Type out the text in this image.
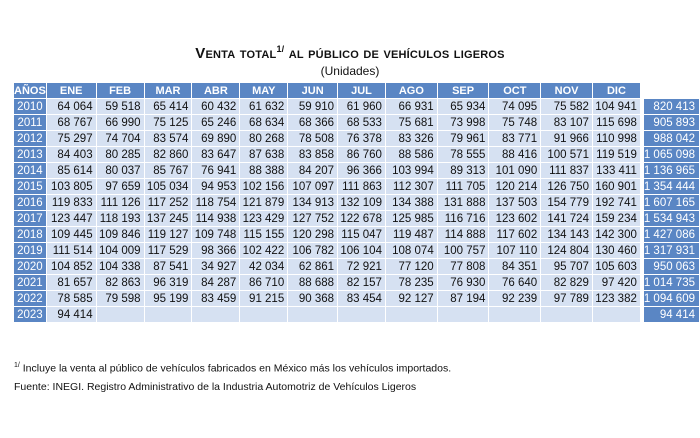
Venta total$^{1/}$ al público de vehículos ligeros
(Unidades)
AÑOS	ENE	FEB	MAR	ABR	MAY	JUN	JUL	AGO	SEP	OCT	NOV	DIC		
2010	64 064	59 518	65 414	60 432	61 632	59 910	61 960	66 931	65 934	74 095	75 582	104 941		820 413
2011	68 767	66 990	75 125	65 246	68 634	68 366	68 533	75 681	73 998	75 748	83 107	115 698		905 893
2012	75 297	74 704	83 574	69 890	80 268	78 508	76 378	83 326	79 961	83 771	91 966	110 998		988 042
2013	84 403	80 285	82 860	83 647	87 638	83 858	86 760	88 586	78 555	88 416	100 571	119 519		1 065 098
2014	85 614	80 037	85 767	76 941	88 388	84 207	96 366	103 994	89 313	101 090	111 837	133 411		1 136 965
2015	103 805	97 659	105 034	94 953	102 156	107 097	111 863	112 307	111 705	120 214	126 750	160 901		1 354 444
2016	119 833	111 126	117 252	118 754	121 879	134 913	132 109	134 388	131 888	137 503	154 779	192 741		1 607 165
2017	123 447	118 193	137 245	114 938	123 429	127 752	122 678	125 985	116 716	123 602	141 724	159 234		1 534 943
2018	109 445	109 846	119 127	109 748	115 155	120 298	115 047	119 487	114 888	117 602	134 143	142 300		1 427 086
2019	111 514	104 009	117 529	98 366	102 422	106 782	106 104	108 074	100 757	107 110	124 804	130 460		1 317 931
2020	104 852	104 338	87 541	34 927	42 034	62 861	72 921	77 120	77 808	84 351	95 707	105 603		950 063
2021	81 657	82 863	96 319	84 287	86 710	88 688	82 157	78 235	76 930	76 640	82 829	97 420		1 014 735
2022	78 585	79 598	95 199	83 459	91 215	90 368	83 454	92 127	87 194	92 239	97 789	123 382		1 094 609
2023	94 414													94 414
$^{1/}$ Incluye la venta al público de vehículos fabricados en México más los vehículos importados.
Fuente: INEGI. Registro Administrativo de la Industria Automotriz de Vehículos Ligeros
